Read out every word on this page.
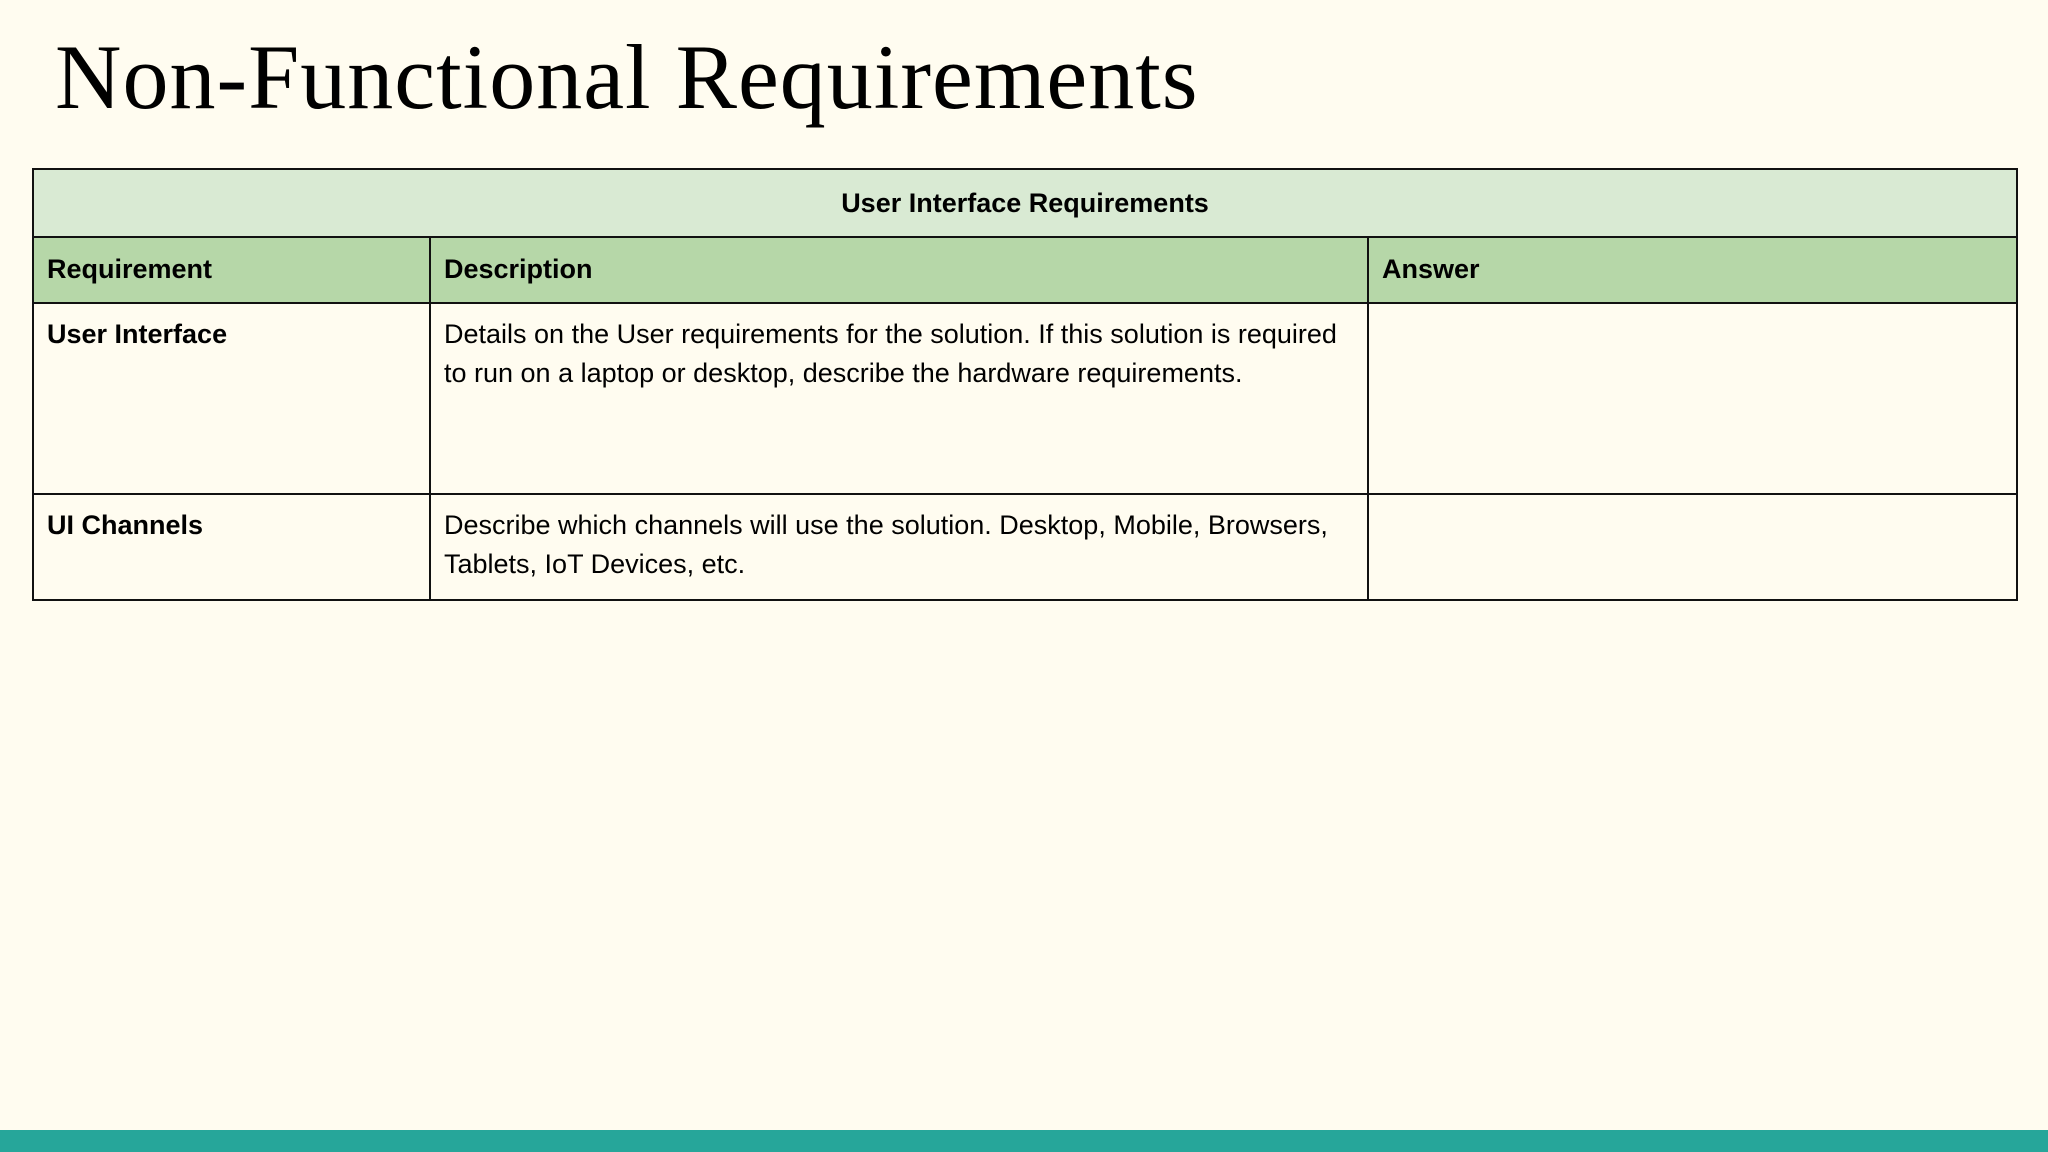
Non-Functional Requirements
User Interface Requirements		
Requirement	Description	Answer
User Interface	Details on the User requirements for the solution. If this solution is required to run on a laptop or desktop, describe the hardware requirements.	
UI Channels	Describe which channels will use the solution. Desktop, Mobile, Browsers, Tablets, IoT Devices, etc.	
